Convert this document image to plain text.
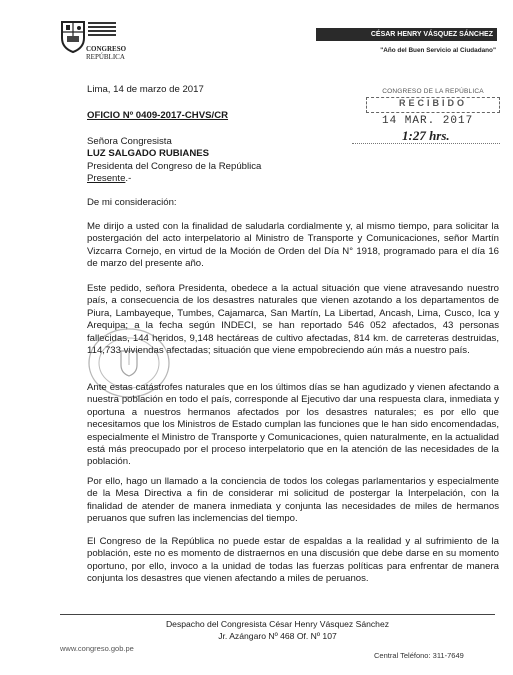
CONGRESO
REPÚBLICA
CÉSAR HENRY VÁSQUEZ SÁNCHEZ
"Año del Buen Servicio al Ciudadano"
CONGRESO DE LA REPÚBLICA
RECIBIDO
14 MAR. 2017
1:27 hrs.
Lima, 14 de marzo de 2017
OFICIO Nº 0409-2017-CHVS/CR
Señora Congresista
LUZ SALGADO RUBIANES
Presidenta del Congreso de la República
Presente.-
De mi consideración:
Me dirijo a usted con la finalidad de saludarla cordialmente y, al mismo tiempo, para solicitar la postergación del acto interpelatorio al Ministro de Transporte y Comunicaciones, señor Martín Vizcarra Cornejo, en virtud de la Moción de Orden del Día N° 1918, programado para el día 16 de marzo del presente año.
Este pedido, señora Presidenta, obedece a la actual situación que viene atravesando nuestro país, a consecuencia de los desastres naturales que vienen azotando a los departamentos de Piura, Lambayeque, Tumbes, Cajamarca, San Martín, La Libertad, Ancash, Lima, Cusco, Ica y Arequipa; a la fecha según INDECI, se han reportado 546 052 afectados, 43 personas fallecidas, 144 heridos, 9,148 hectáreas de cultivo afectadas, 814 km. de carreteras destruidas, 114,733 viviendas afectadas; situación que viene empobreciendo aún más a nuestro país.
Ante estas catástrofes naturales que en los últimos días se han agudizado y vienen afectando a nuestra población en todo el país, corresponde al Ejecutivo dar una respuesta clara, inmediata y oportuna a nuestros hermanos afectados por los desastres naturales; es por ello que necesitamos que los Ministros de Estado cumplan las funciones que le han sido encomendadas, especialmente el Ministro de Transporte y Comunicaciones, quien naturalmente, en la actualidad está más preocupado por el proceso interpelatorio que en la atención de las necesidades de la población.
Por ello, hago un llamado a la conciencia de todos los colegas parlamentarios y especialmente de la Mesa Directiva a fin de considerar mi solicitud de postergar la Interpelación, con la finalidad de atender de manera inmediata y conjunta las necesidades de miles de hermanos peruanos que sufren las inclemencias del tiempo.
El Congreso de la República no puede estar de espaldas a la realidad y al sufrimiento de la población, este no es momento de distraernos en una discusión que debe darse en su momento oportuno, por ello, invoco a la unidad de todas las fuerzas políticas para enfrentar de manera conjunta los desastres que vienen afectando a miles de peruanos.
Despacho del Congresista César Henry Vásquez Sánchez
Jr. Azángaro Nº 468 Of. Nº 107
www.congreso.gob.pe
Central Teléfono: 311-7649
